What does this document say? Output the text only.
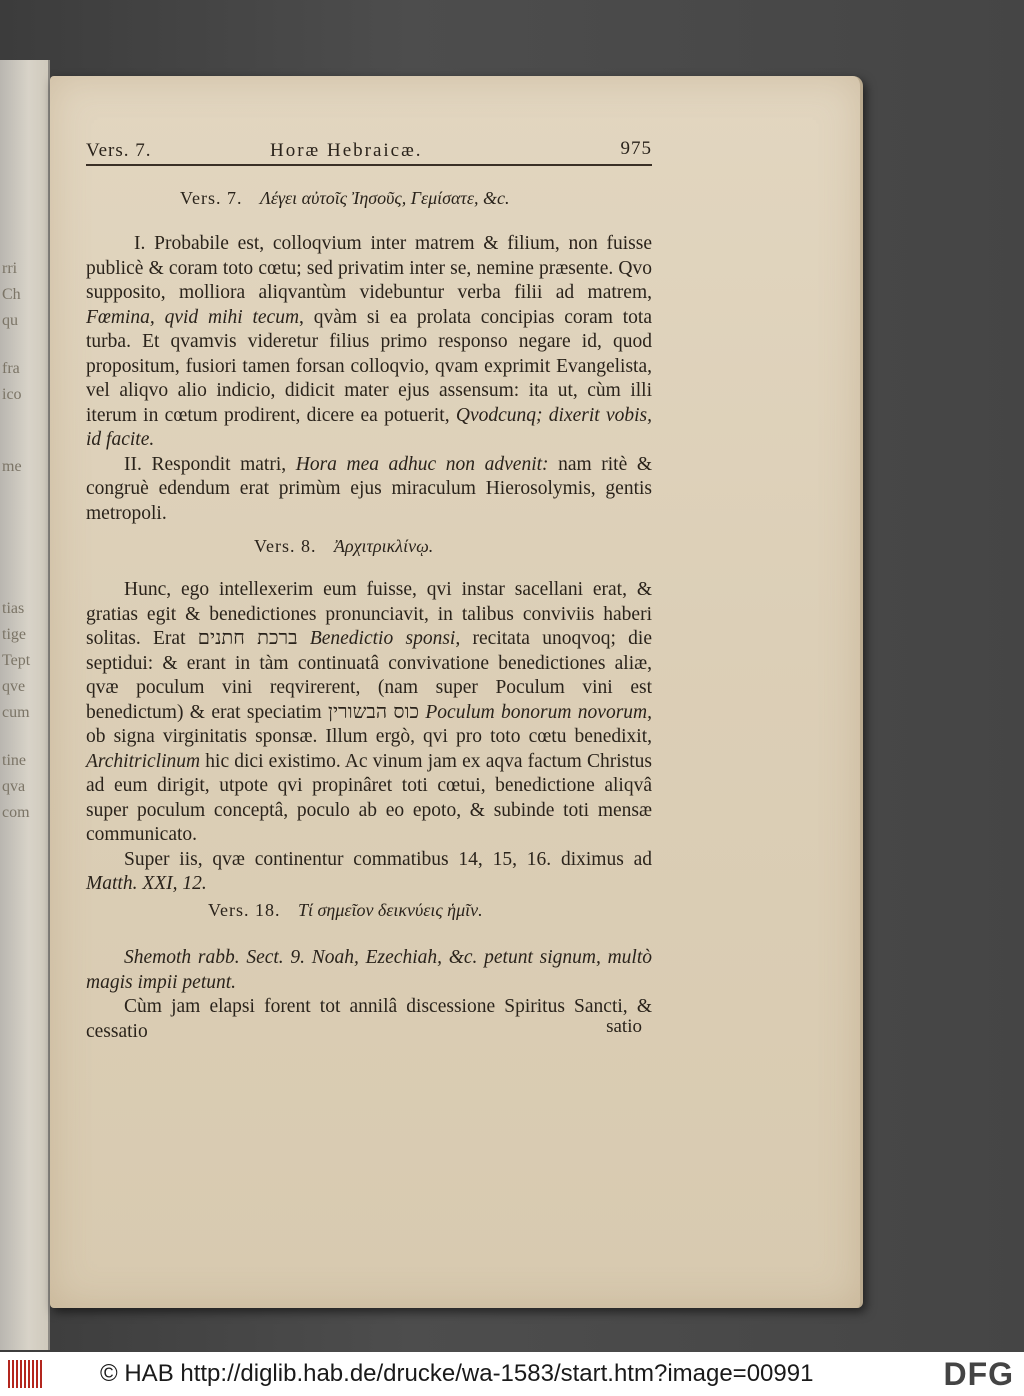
rri
Ch
qu
fra
ico
me
tias
tige
Tept
qve
cum
tine
qva
com
Vers. 7.	Horæ Hebraicæ.	975
Vers. 7. Λέγει αὐτοῖς Ἰησοῦς, Γεμίσατε, &c.

I. Probabile est, colloqvium inter matrem & filium, non fuisse publicè & coram toto cœtu; sed privatim inter se, nemine præsente. Qvo supposito, molliora aliqvantùm videbuntur verba filii ad matrem, Fœmina, qvid mihi tecum, qvàm si ea prolata concipias coram tota turba. Et qvamvis videretur filius primo responso negare id, quod propositum, fusiori tamen forsan colloqvio, qvam exprimit Evangelista, vel aliqvo alio indicio, didicit mater ejus assensum: ita ut, cùm illi iterum in cœtum prodirent, dicere ea potuerit, Qvodcunq; dixerit vobis, id facite.

II. Respondit matri, Hora mea adhuc non advenit: nam ritè & congruè edendum erat primùm ejus miraculum Hierosolymis, gentis metropoli.

Vers. 8. Ἀρχιτρικλίνῳ.

Hunc, ego intellexerim eum fuisse, qvi instar sacellani erat, & gratias egit & benedictiones pronunciavit, in talibus conviviis haberi solitas. Erat ברכת חתנים Benedictio sponsi, recitata unoqvoq; die septidui: & erant in tàm continuatâ convivatione benedictiones aliæ, qvæ poculum vini reqvirerent, (nam super Poculum vini est benedictum) & erat speciatim כוס הבשורין Poculum bonorum novorum, ob signa virginitatis sponsæ. Illum ergò, qvi pro toto cœtu benedixit, Architriclinum hic dici existimo. Ac vinum jam ex aqva factum Christus ad eum dirigit, utpote qvi propinâret toti cœtui, benedictione aliqvâ super poculum conceptâ, poculo ab eo epoto, & subinde toti mensæ communicato.

Super iis, qvæ continentur commatibus 14, 15, 16. diximus ad Matth. XXI, 12.

Vers. 18. Τί σημεῖον δεικνύεις ἡμῖν.

Shemoth rabb. Sect. 9. Noah, Ezechiah, &c. petunt signum, multò magis impii petunt.

Cùm jam elapsi forent tot annilâ discessione Spiritus Sancti, & cessatio	satio
© HAB http://diglib.hab.de/drucke/wa-1583/start.htm?image=00991	DFG
